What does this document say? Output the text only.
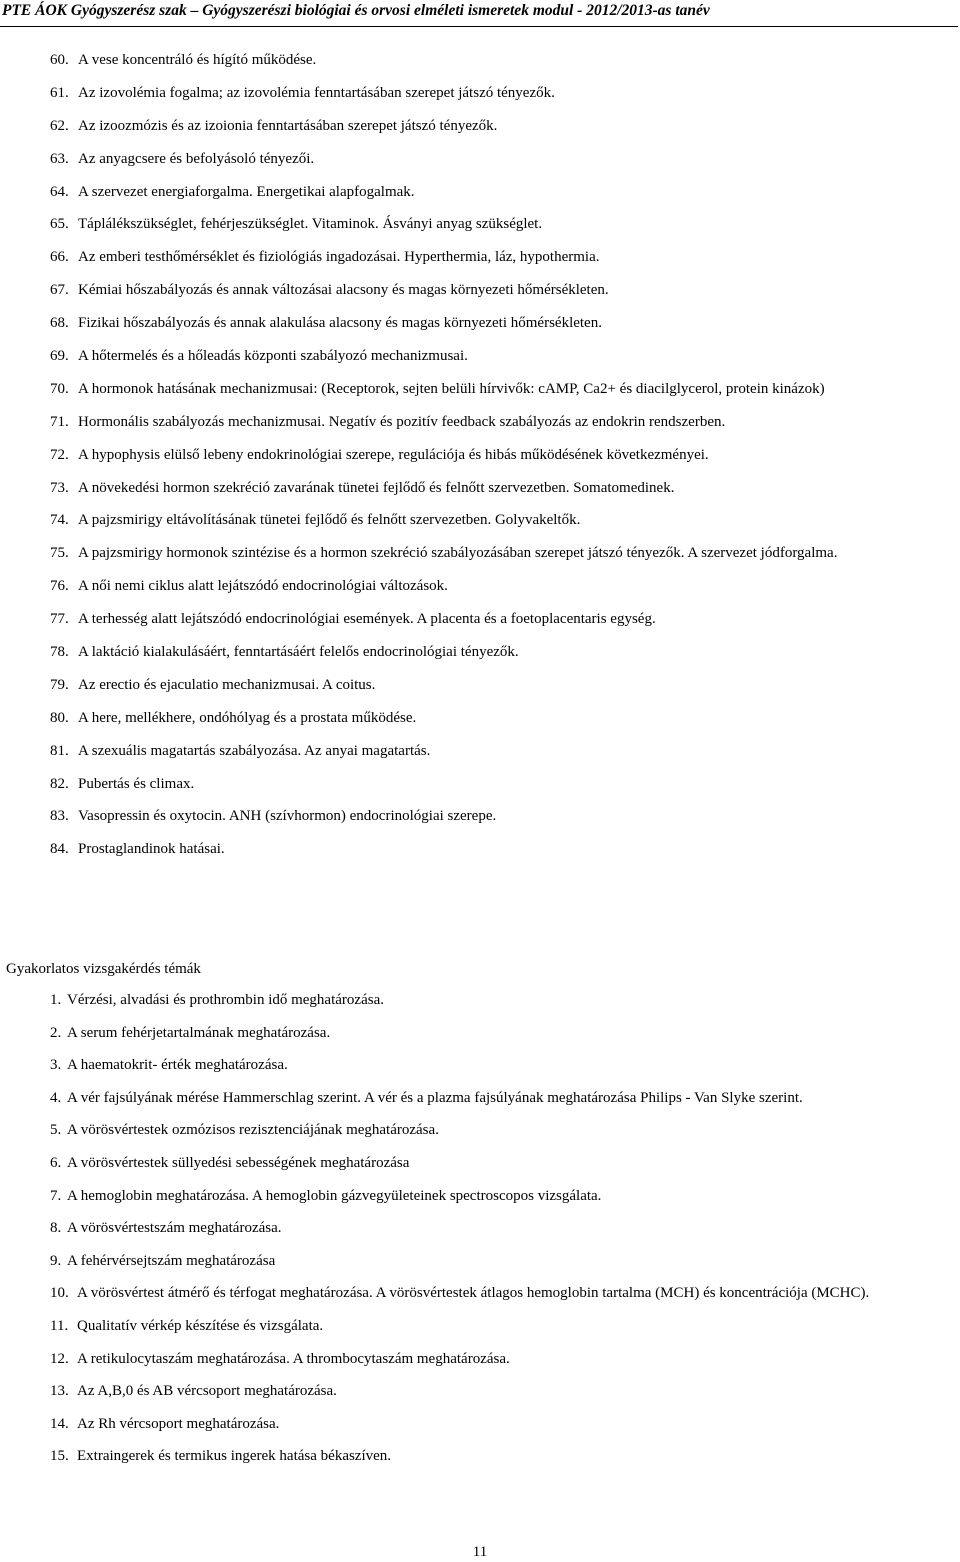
PTE ÁOK Gyógyszerész szak – Gyógyszerészi biológiai és orvosi elméleti ismeretek modul - 2012/2013-as tanév
60. A vese koncentráló és hígító működése.
61. Az izovolémia fogalma; az izovolémia fenntartásában szerepet játszó tényezők.
62. Az izoozmózis és az izoionia fenntartásában szerepet játszó tényezők.
63. Az anyagcsere és befolyásoló tényezői.
64. A szervezet energiaforgalma. Energetikai alapfogalmak.
65. Táplálékszükséglet, fehérjeszükséglet. Vitaminok. Ásványi anyag szükséglet.
66. Az emberi testhőmérséklet és fiziológiás ingadozásai. Hyperthermia, láz, hypothermia.
67. Kémiai hőszabályozás és annak változásai alacsony és magas környezeti hőmérsékleten.
68. Fizikai hőszabályozás és annak alakulása alacsony és magas környezeti hőmérsékleten.
69. A hőtermelés és a hőleadás központi szabályozó mechanizmusai.
70. A hormonok hatásának mechanizmusai: (Receptorok, sejten belüli hírvivők: cAMP, Ca2+ és diacilglycerol, protein kinázok)
71. Hormonális szabályozás mechanizmusai. Negatív és pozitív feedback szabályozás az endokrin rendszerben.
72. A hypophysis elülső lebeny endokrinológiai szerepe, regulációja és hibás működésének következményei.
73. A növekedési hormon szekréció zavarának tünetei fejlődő és felnőtt szervezetben. Somatomedinek.
74. A pajzsmirigy eltávolításának tünetei fejlődő és felnőtt szervezetben. Golyvakeltők.
75. A pajzsmirigy hormonok szintézise és a hormon szekréció szabályozásában szerepet játszó tényezők. A szervezet jódforgalma.
76. A női nemi ciklus alatt lejátszódó endocrinológiai változások.
77. A terhesség alatt lejátszódó endocrinológiai események. A placenta és a foetoplacentaris egység.
78. A laktáció kialakulásáért, fenntartásáért felelős endocrinológiai tényezők.
79. Az erectio és ejaculatio mechanizmusai. A coitus.
80. A here, mellékhere, ondóhólyag és a prostata működése.
81. A szexuális magatartás szabályozása. Az anyai magatartás.
82. Pubertás és climax.
83. Vasopressin és oxytocin. ANH (szívhormon) endocrinológiai szerepe.
84. Prostaglandinok hatásai.
Gyakorlatos vizsgakérdés témák
1. Vérzési, alvadási és prothrombin idő meghatározása.
2. A serum fehérjetartalmának meghatározása.
3. A haematokrit- érték meghatározása.
4. A vér fajsúlyának mérése Hammerschlag szerint. A vér és a plazma fajsúlyának meghatározása Philips - Van Slyke szerint.
5. A vörösvértestek ozmózisos rezisztenciájának meghatározása.
6. A vörösvértestek süllyedési sebességének meghatározása
7. A hemoglobin meghatározása. A hemoglobin gázvegyületeinek spectroscopos vizsgálata.
8. A vörösvértestszám meghatározása.
9. A fehérvérsejtszám meghatározása
10. A vörösvértest átmérő és térfogat meghatározása. A vörösvértestek átlagos hemoglobin tartalma (MCH) és koncentrációja (MCHC).
11. Qualitatív vérkép készítése és vizsgálata.
12. A retikulocytaszám meghatározása. A thrombocytaszám meghatározása.
13. Az A,B,0 és AB vércsoport meghatározása.
14. Az Rh vércsoport meghatározása.
15. Extraingerek és termikus ingerek hatása békaszíven.
11
